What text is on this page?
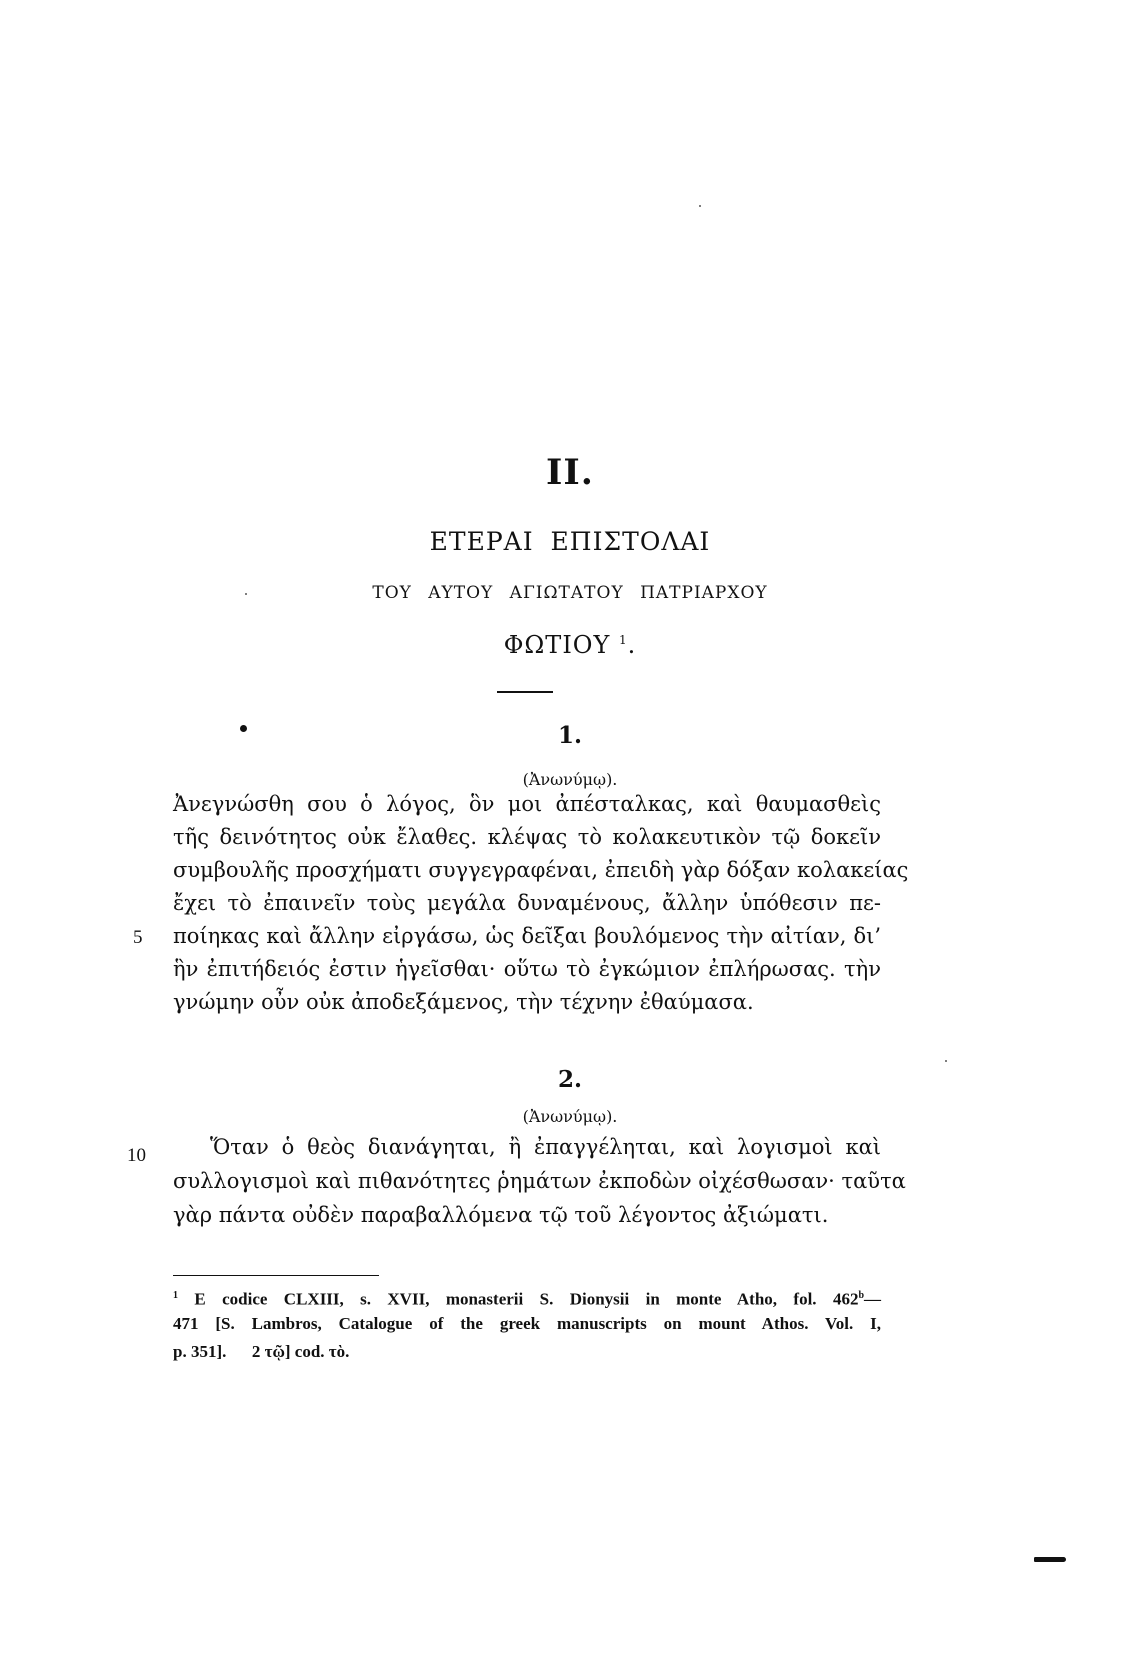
II.
ΕΤΕΡΑΙ ΕΠΙΣΤΟΛΑΙ
ΤΟΥ ΑΥΤΟΥ ΑΓΙΩΤΑΤΟΥ ΠΑΤΡΙΑΡΧΟΥ
ΦΩΤΙΟΥ $^1$.
1.
(Ἀνωνύμῳ).
Ἀνεγνώσθη σου ὁ λόγος, ὃν μοι ἀπέσταλκας, καὶ θαυμασθεὶς
τῆς δεινότητος οὐκ ἔλαθες. κλέψας τὸ κολακευτικὸν τῷ δοκεῖν
συμβουλῆς προσχήματι συγγεγραφέναι, ἐπειδὴ γὰρ δόξαν κολακείας
ἔχει τὸ ἐπαινεῖν τοὺς μεγάλα δυναμένους, ἄλλην ὑπόθεσιν πε-
ποίηκας καὶ ἄλλην εἰργάσω, ὡς δεῖξαι βουλόμενος τὴν αἰτίαν, δι’
ἣν ἐπιτήδειός ἐστιν ἡγεῖσθαι· οὕτω τὸ ἐγκώμιον ἐπλήρωσας. τὴν
γνώμην οὖν οὐκ ἀποδεξάμενος, τὴν τέχνην ἐθαύμασα.
5
2.
(Ἀνωνύμῳ).
Ὅταν ὁ θεὸς διανάγηται, ἢ ἐπαγγέληται, καὶ λογισμοὶ καὶ
συλλογισμοὶ καὶ πιθανότητες ῥημάτων ἐκποδὼν οἰχέσθωσαν· ταῦτα
γὰρ πάντα οὐδὲν παραβαλλόμενα τῷ τοῦ λέγοντος ἀξιώματι.
10
$^1$ E codice CLXIII, s. XVII, monasterii S. Dionysii in monte Atho, fol. 462$^b$—
471 [S. Lambros, Catalogue of the greek manuscripts on mount Athos. Vol. I,
p. 351].      2 τῷ] cod. τὸ.
